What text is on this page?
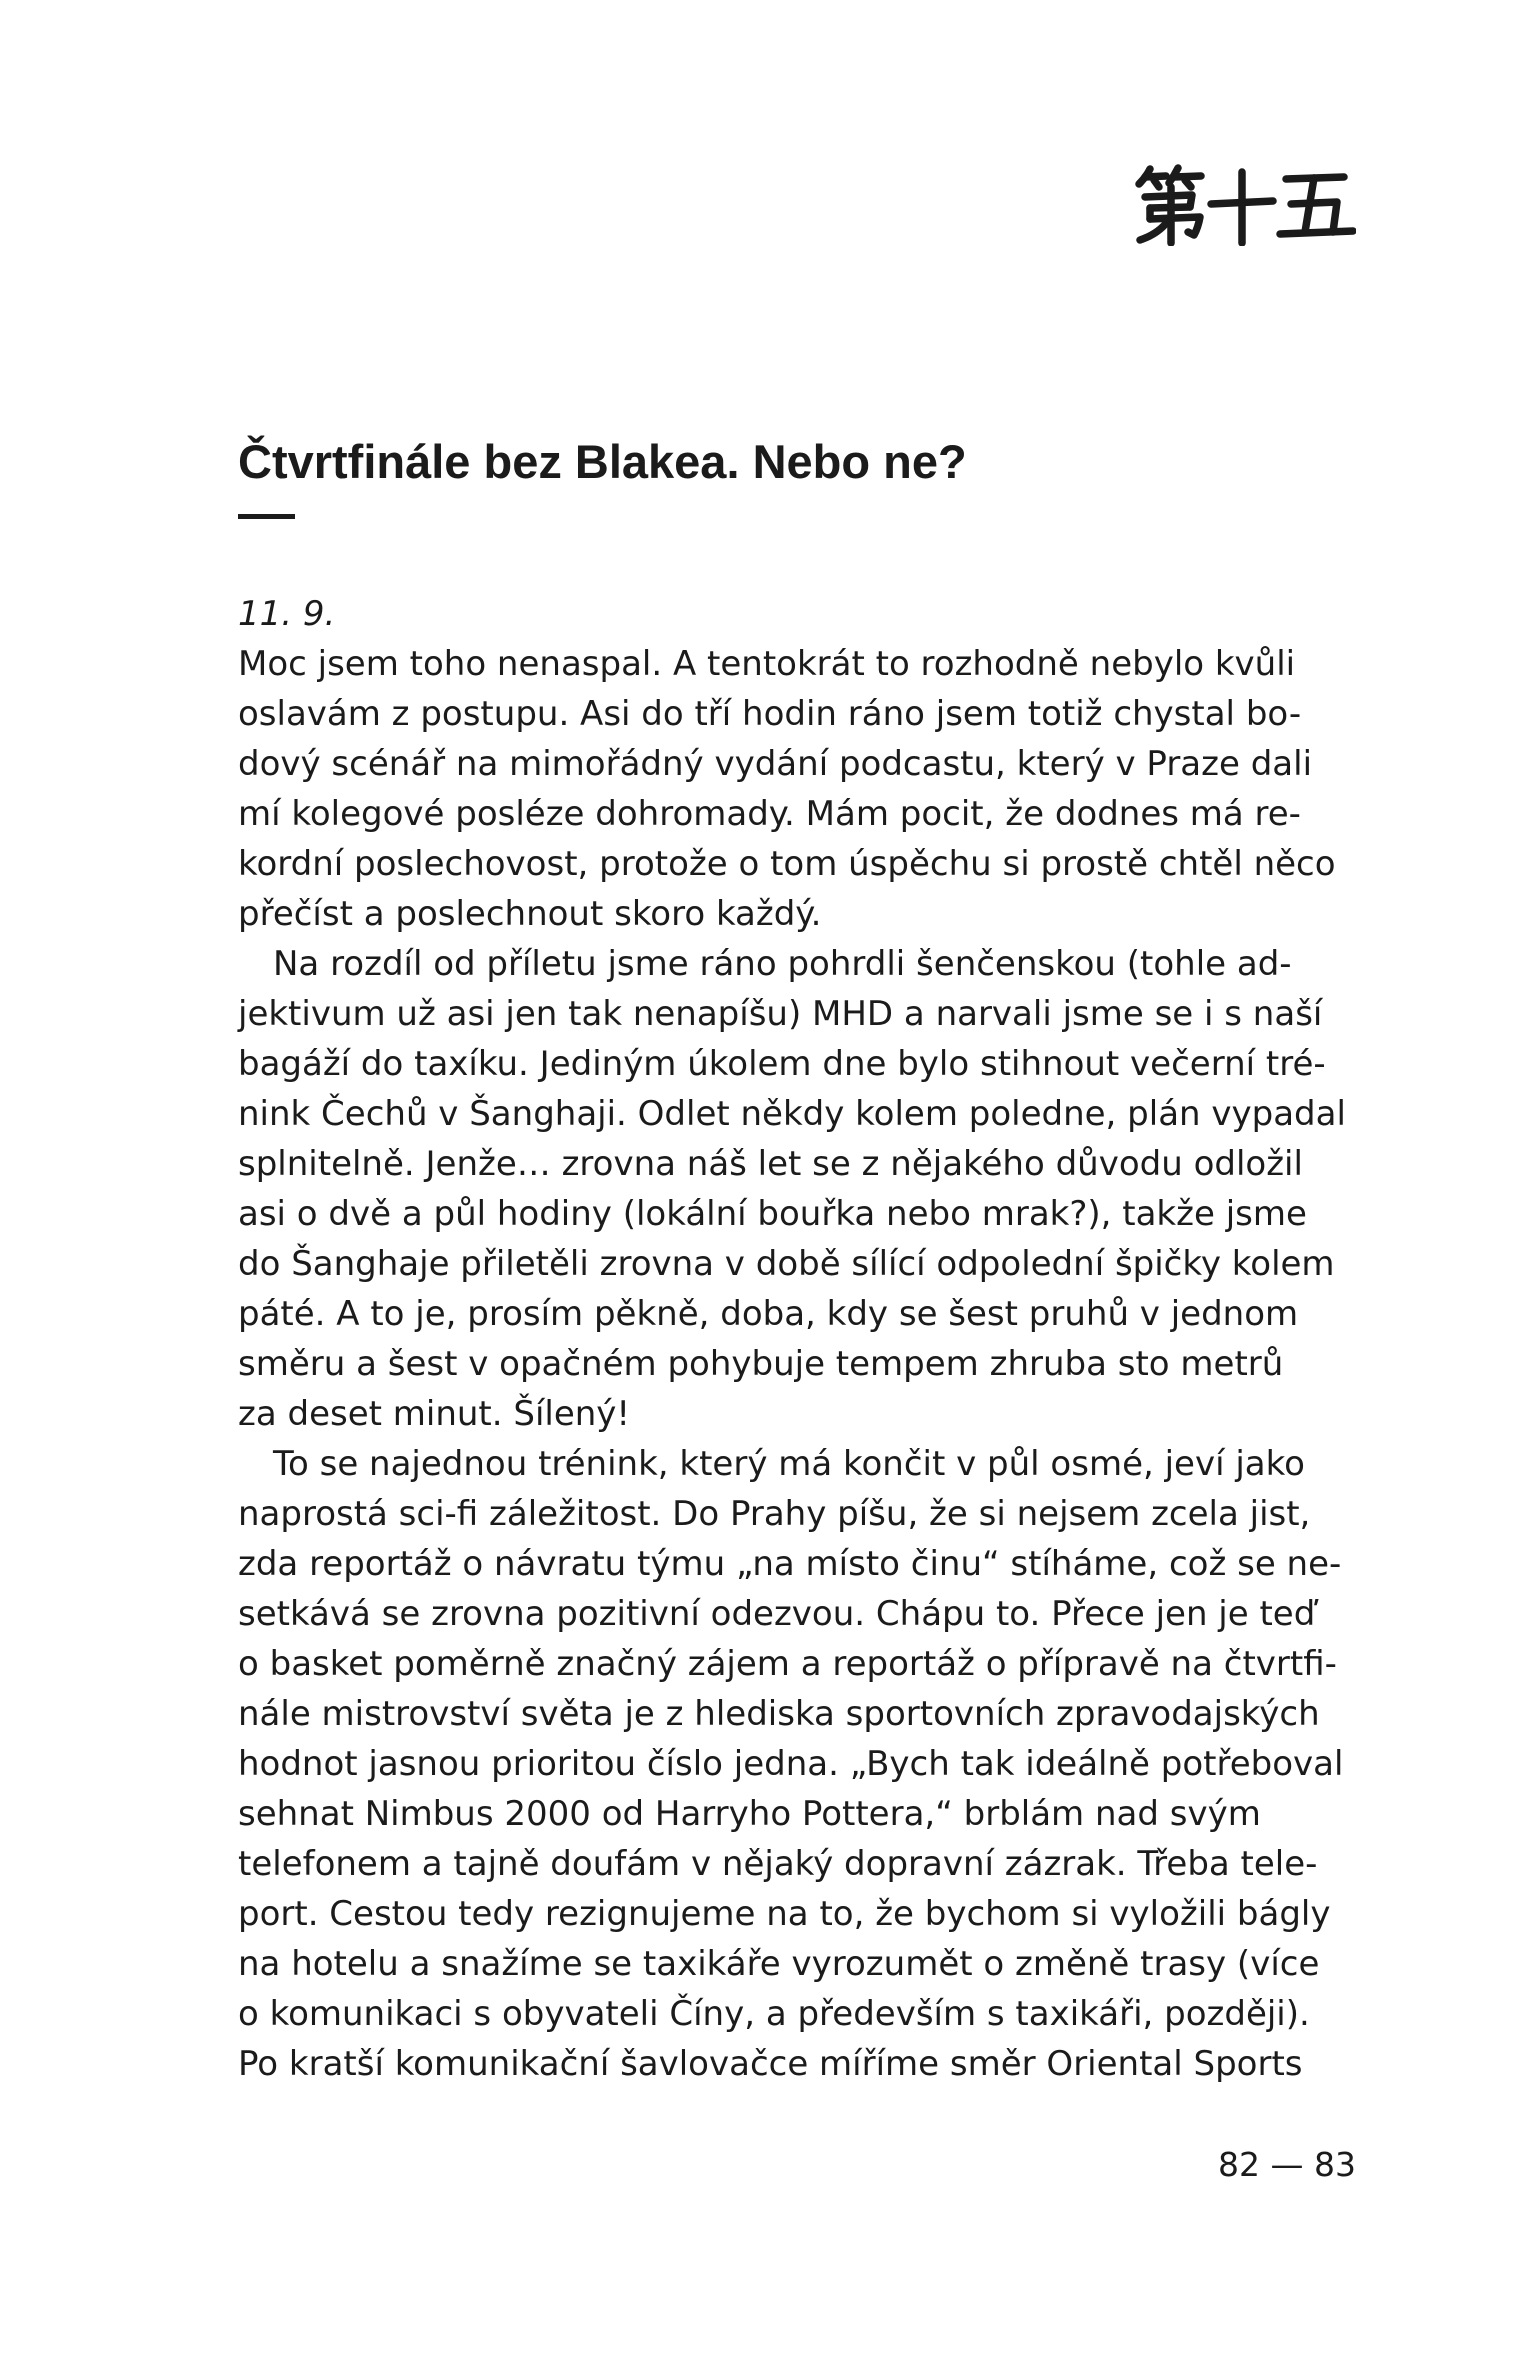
Čtvrtfinále bez Blakea. Nebo ne?
11. 9.
Moc jsem toho nenaspal. A tentokrát to rozhodně nebylo kvůli
oslavám z postupu. Asi do tří hodin ráno jsem totiž chystal bo-
dový scénář na mimořádný vydání podcastu, který v Praze dali
mí kolegové posléze dohromady. Mám pocit, že dodnes má re-
kordní poslechovost, protože o tom úspěchu si prostě chtěl něco
přečíst a poslechnout skoro každý.
Na rozdíl od příletu jsme ráno pohrdli šenčenskou (tohle ad-
jektivum už asi jen tak nenapíšu) MHD a narvali jsme se i s naší
bagáží do taxíku. Jediným úkolem dne bylo stihnout večerní tré-
nink Čechů v Šanghaji. Odlet někdy kolem poledne, plán vypadal
splnitelně. Jenže… zrovna náš let se z nějakého důvodu odložil
asi o dvě a půl hodiny (lokální bouřka nebo mrak?), takže jsme
do Šanghaje přiletěli zrovna v době sílící odpolední špičky kolem
páté. A to je, prosím pěkně, doba, kdy se šest pruhů v jednom
směru a šest v opačném pohybuje tempem zhruba sto metrů
za deset minut. Šílený!
To se najednou trénink, který má končit v půl osmé, jeví jako
naprostá sci-fi záležitost. Do Prahy píšu, že si nejsem zcela jist,
zda reportáž o návratu týmu „na místo činu“ stíháme, což se ne-
setkává se zrovna pozitivní odezvou. Chápu to. Přece jen je teď
o basket poměrně značný zájem a reportáž o přípravě na čtvrtfi-
nále mistrovství světa je z hlediska sportovních zpravodajských
hodnot jasnou prioritou číslo jedna. „Bych tak ideálně potřeboval
sehnat Nimbus 2000 od Harryho Pottera,“ brblám nad svým
telefonem a tajně doufám v nějaký dopravní zázrak. Třeba tele-
port. Cestou tedy rezignujeme na to, že bychom si vyložili bágly
na hotelu a snažíme se taxikáře vyrozumět o změně trasy (více
o komunikaci s obyvateli Číny, a především s taxikáři, později).
Po kratší komunikační šavlovačce míříme směr Oriental Sports
82 — 83
